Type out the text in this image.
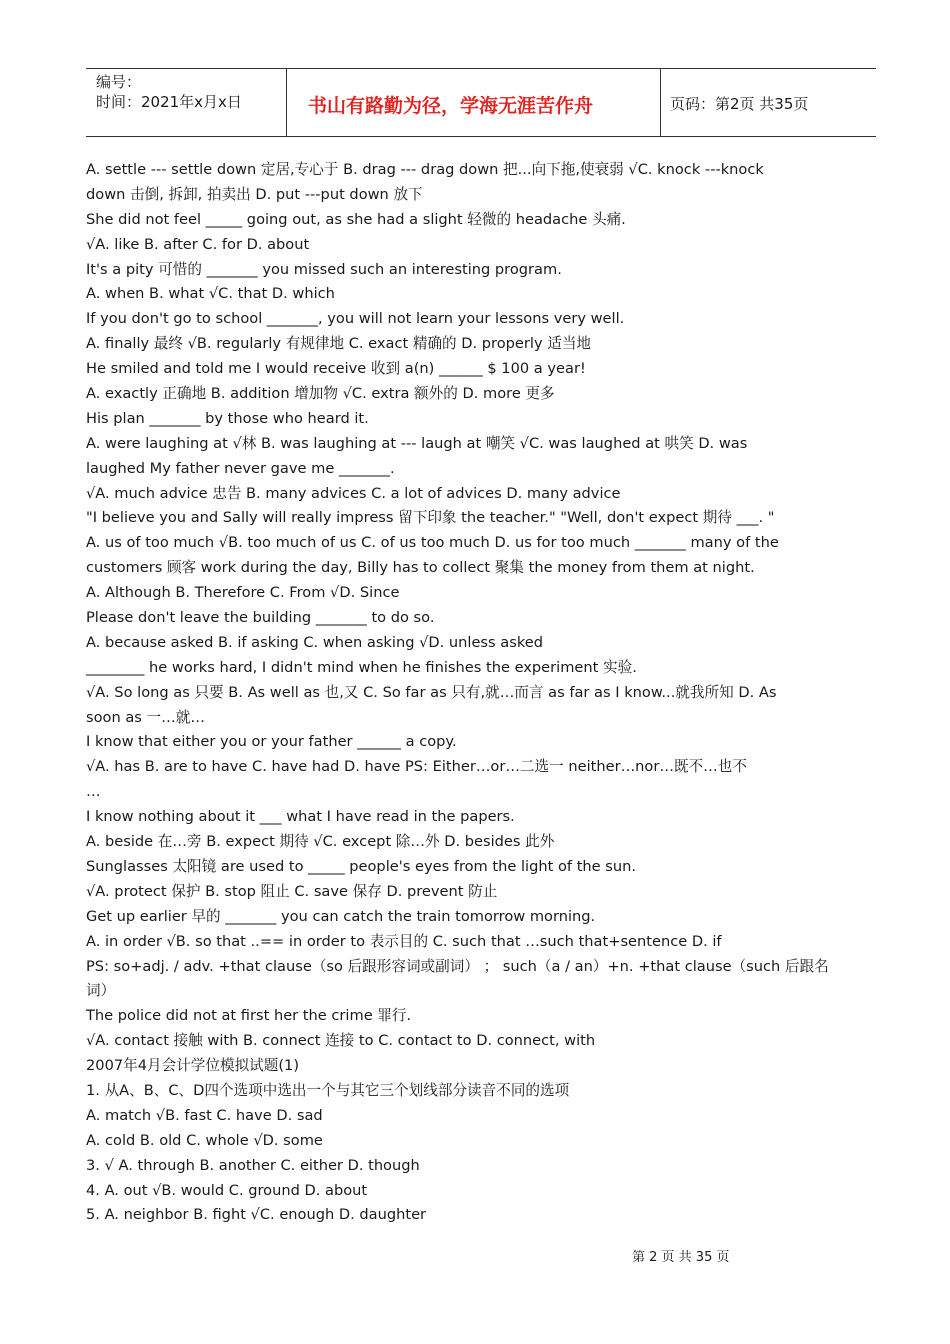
编号：
时间：2021年x月x日	书山有路勤为径，学海无涯苦作舟	页码：第2页 共35页
A. settle --- settle down 定居,专心于 B. drag --- drag down 把...向下拖,使衰弱 √C. knock ---knock
down 击倒, 拆卸, 拍卖出 D. put ---put down 放下
She did not feel _____ going out, as she had a slight 轻微的 headache 头痛.
√A. like B. after C. for D. about
It's a pity 可惜的 _______ you missed such an interesting program.
A. when B. what √C. that D. which
If you don't go to school _______, you will not learn your lessons very well.
A. finally 最终 √B. regularly 有规律地 C. exact 精确的 D. properly 适当地
He smiled and told me I would receive 收到 a(n) ______ $ 100 a year!
A. exactly 正确地 B. addition 增加物 √C. extra 额外的 D. more 更多
His plan _______ by those who heard it.
A. were laughing at √林 B. was laughing at --- laugh at 嘲笑 √C. was laughed at 哄笑 D. was
laughed My father never gave me _______.
√A. much advice 忠告 B. many advices C. a lot of advices D. many advice
"I believe you and Sally will really impress 留下印象 the teacher." "Well, don't expect 期待 ___. "
A. us of too much √B. too much of us C. of us too much D. us for too much _______ many of the
customers 顾客 work during the day, Billy has to collect 聚集 the money from them at night.
A. Although B. Therefore C. From √D. Since
Please don't leave the building _______ to do so.
A. because asked B. if asking C. when asking √D. unless asked
________ he works hard, I didn't mind when he finishes the experiment 实验.
√A. So long as 只要 B. As well as 也,又 C. So far as 只有,就…而言 as far as I know...就我所知 D. As
soon as 一…就…
I know that either you or your father ______ a copy.
√A. has B. are to have C. have had D. have PS: Either…or…二选一 neither…nor…既不…也不
…
I know nothing about it ___ what I have read in the papers.
A. beside 在…旁 B. expect 期待 √C. except 除…外 D. besides 此外
Sunglasses 太阳镜 are used to _____ people's eyes from the light of the sun.
√A. protect 保护 B. stop 阻止 C. save 保存 D. prevent 防止
Get up earlier 早的 _______ you can catch the train tomorrow morning.
A. in order √B. so that ..== in order to 表示目的 C. such that …such that+sentence D. if
PS: so+adj. / adv. +that clause（so 后跟形容词或副词） ； such（a / an）+n. +that clause（such 后跟名
词）
The police did not at first her the crime 罪行.
√A. contact 接触 with B. connect 连接 to C. contact to D. connect, with
2007年4月会计学位模拟试题(1)
1. 从A、B、C、D四个选项中选出一个与其它三个划线部分读音不同的选项
A. match √B. fast C. have D. sad
A. cold B. old C. whole √D. some
3. √ A. through B. another C. either D. though
4. A. out √B. would C. ground D. about
5. A. neighbor B. fight √C. enough D. daughter
第 2 页 共 35 页
